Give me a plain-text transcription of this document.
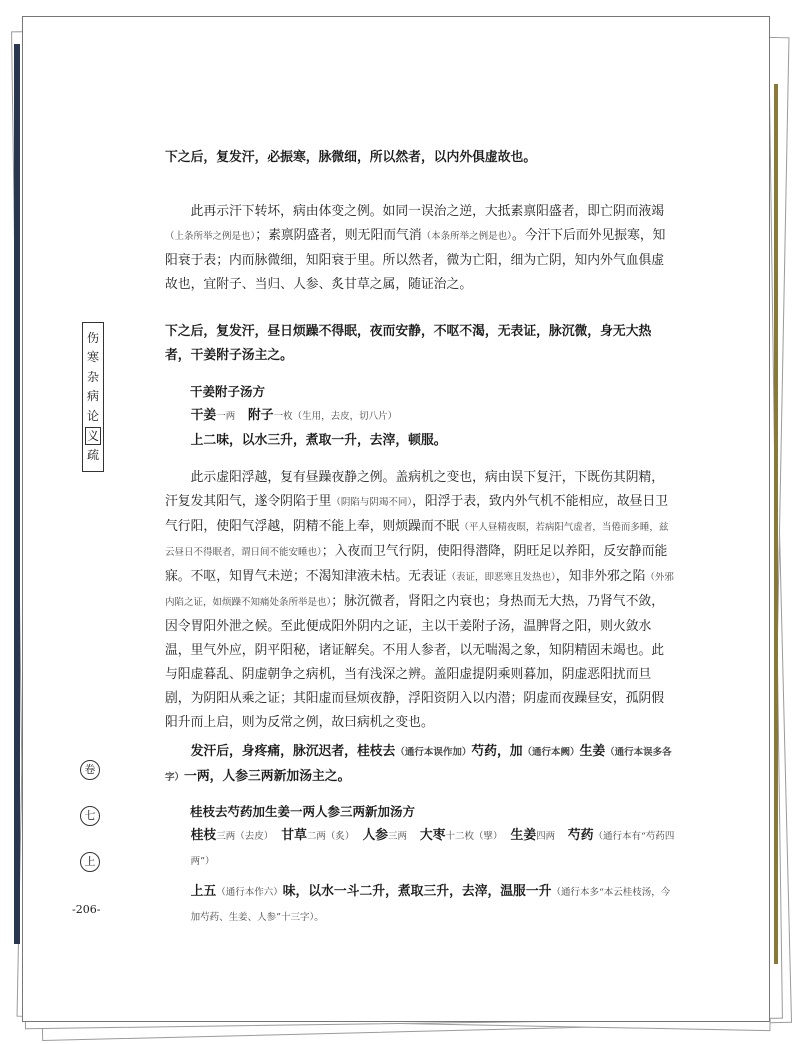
下之后，复发汗，必振寒，脉微细，所以然者，以内外俱虚故也。
此再示汗下转坏，病由体变之例。如同一误治之逆，大抵素禀阳盛者，即亡阴而液竭（上条所举之例是也）；素禀阴盛者，则无阳而气消（本条所举之例是也）。今汗下后而外见振寒，知阳衰于表；内而脉微细，知阳衰于里。所以然者，微为亡阳，细为亡阴，知内外气血俱虚故也，宜附子、当归、人参、炙甘草之属，随证治之。
下之后，复发汗，昼日烦躁不得眠，夜而安静，不呕不渴，无表证，脉沉微，身无大热者，干姜附子汤主之。
干姜附子汤方
干姜一两　 附子一枚（生用，去皮，切八片）
上二味，以水三升，煮取一升，去滓，顿服。
此示虚阳浮越，复有昼躁夜静之例。盖病机之变也，病由误下复汗，下既伤其阴精，汗复发其阳气，遂令阴陷于里（阴陷与阴竭不同），阳浮于表，致内外气机不能相应，故昼日卫气行阳，使阳气浮越，阴精不能上奉，则烦躁而不眠（平人昼精夜暝，若病阳气虚者，当倦而多睡，兹云昼日不得眠者，谓日间不能安睡也）；入夜而卫气行阴，使阳得潜降，阴旺足以养阳，反安静而能寐。不呕，知胃气未逆；不渴知津液未枯。无表证（表证，即恶寒且发热也），知非外邪之陷（外邪内陷之证，如烦躁不知痛处条所举是也）；脉沉微者，肾阳之内衰也；身热而无大热，乃肾气不敛，因令胃阳外泄之候。至此便成阳外阴内之证，主以干姜附子汤，温脾肾之阳，则火敛水温，里气外应，阴平阳秘，诸证解矣。不用人参者，以无喘渴之象，知阴精固未竭也。此与阳虚暮乱、阴虚朝争之病机，当有浅深之辨。盖阳虚提阴乘则暮加，阴虚恶阳扰而旦剧，为阴阳从乘之证；其阳虚而昼烦夜静，浮阳资阴入以内潜；阴虚而夜躁昼安，孤阴假阳升而上启，则为反常之例，故曰病机之变也。
发汗后，身疼痛，脉沉迟者，桂枝去（通行本误作加）芍药，加（通行本阙）生姜（通行本误多各字）一两，人参三两新加汤主之。
桂枝去芍药加生姜一两人参三两新加汤方
桂枝三两（去皮）　 甘草二两（炙）　 人参三两　 大枣十二枚（擘）　 生姜四两　 芍药（通行本有“芍药四两”）
上五（通行本作六）味，以水一斗二升，煮取三升，去滓，温服一升（通行本多“本云桂枝汤，今加芍药、生姜、人参”十三字）。
伤
寒
杂
病
论
义
疏
卷
七
上
-206-
